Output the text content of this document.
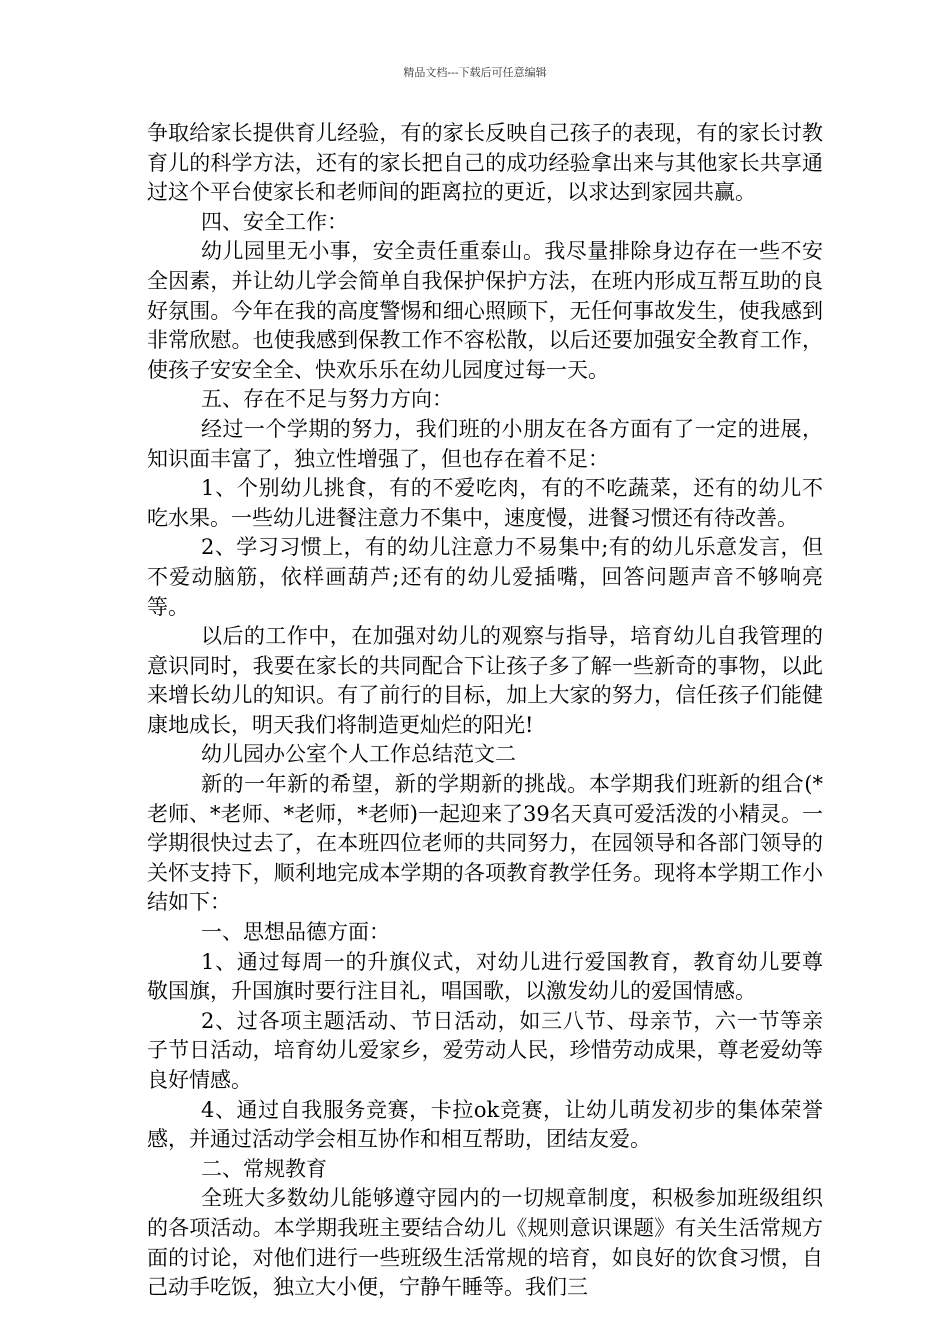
精品文档---下载后可任意编辑

争取给家长提供育儿经验，有的家长反映自己孩子的表现，有的家长讨教育儿的科学方法，还有的家长把自己的成功经验拿出来与其他家长共享通过这个平台使家长和老师间的距离拉的更近，以求达到家园共赢。

四、安全工作：

幼儿园里无小事，安全责任重泰山。我尽量排除身边存在一些不安全因素，并让幼儿学会简单自我保护保护方法，在班内形成互帮互助的良好氛围。今年在我的高度警惕和细心照顾下，无任何事故发生，使我感到非常欣慰。也使我感到保教工作不容松散，以后还要加强安全教育工作，使孩子安安全全、快欢乐乐在幼儿园度过每一天。

五、存在不足与努力方向：

经过一个学期的努力，我们班的小朋友在各方面有了一定的进展，知识面丰富了，独立性增强了，但也存在着不足：

1、个别幼儿挑食，有的不爱吃肉，有的不吃蔬菜，还有的幼儿不吃水果。一些幼儿进餐注意力不集中，速度慢，进餐习惯还有待改善。

2、学习习惯上，有的幼儿注意力不易集中;有的幼儿乐意发言，但不爱动脑筋，依样画葫芦;还有的幼儿爱插嘴，回答问题声音不够响亮等。

以后的工作中，在加强对幼儿的观察与指导，培育幼儿自我管理的意识同时，我要在家长的共同配合下让孩子多了解一些新奇的事物，以此来增长幼儿的知识。有了前行的目标，加上大家的努力，信任孩子们能健康地成长，明天我们将制造更灿烂的阳光!

幼儿园办公室个人工作总结范文二

新的一年新的希望，新的学期新的挑战。本学期我们班新的组合(*老师、*老师、*老师，*老师)一起迎来了39名天真可爱活泼的小精灵。一学期很快过去了，在本班四位老师的共同努力，在园领导和各部门领导的关怀支持下，顺利地完成本学期的各项教育教学任务。现将本学期工作小结如下：

一、思想品德方面：

1、通过每周一的升旗仪式，对幼儿进行爱国教育，教育幼儿要尊敬国旗，升国旗时要行注目礼，唱国歌，以激发幼儿的爱国情感。

2、过各项主题活动、节日活动，如三八节、母亲节，六一节等亲子节日活动，培育幼儿爱家乡，爱劳动人民，珍惜劳动成果，尊老爱幼等良好情感。

4、通过自我服务竞赛，卡拉ok竞赛，让幼儿萌发初步的集体荣誉感，并通过活动学会相互协作和相互帮助，团结友爱。

二、常规教育

全班大多数幼儿能够遵守园内的一切规章制度，积极参加班级组织的各项活动。本学期我班主要结合幼儿《规则意识课题》有关生活常规方面的讨论，对他们进行一些班级生活常规的培育，如良好的饮食习惯，自己动手吃饭，独立大小便，宁静午睡等。我们三
